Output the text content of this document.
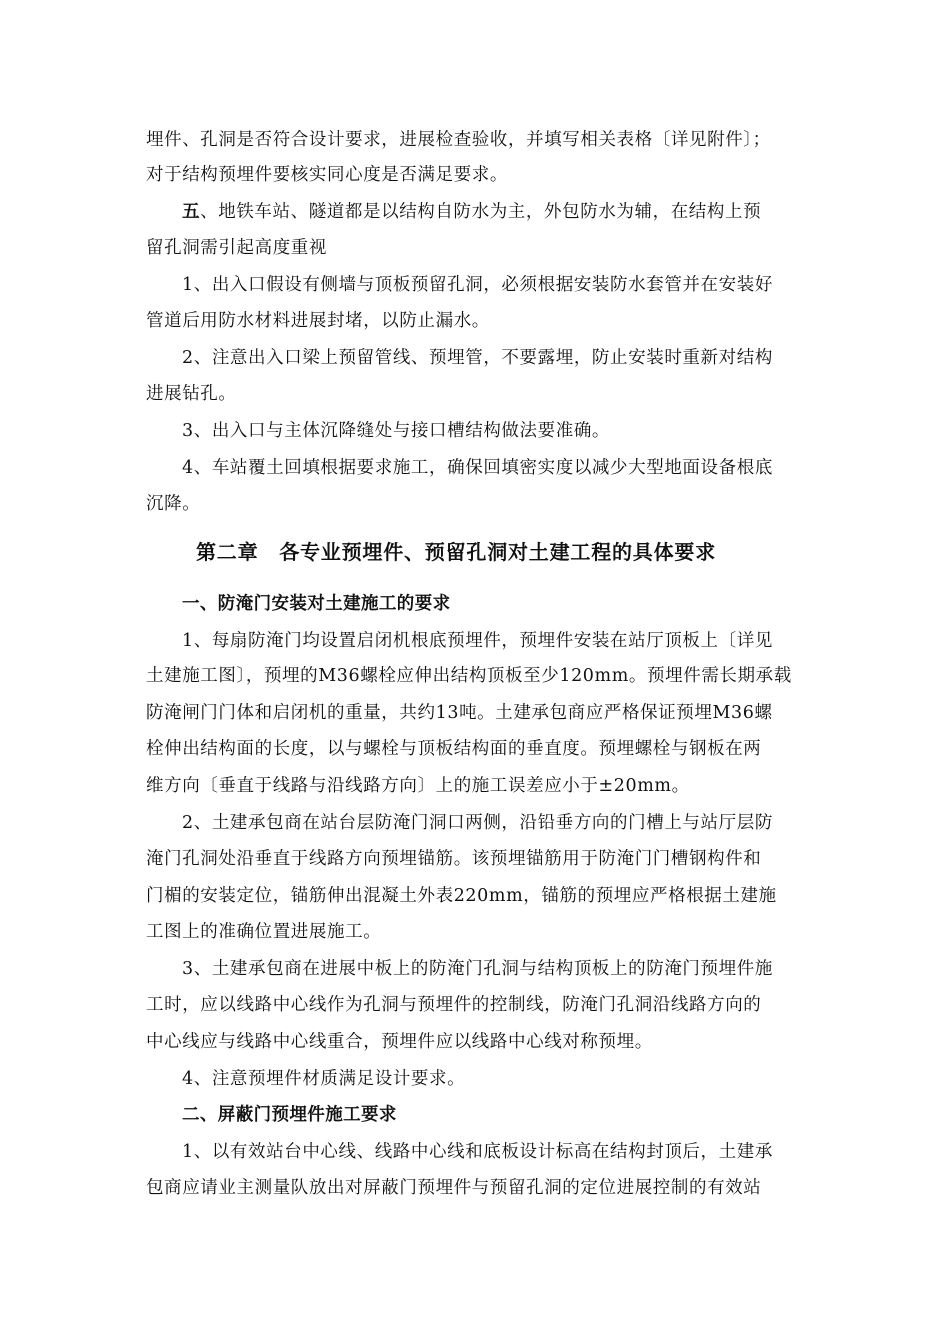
埋件、孔洞是否符合设计要求，进展检查验收，并填写相关表格〔详见附件〕；
对于结构预埋件要核实同心度是否满足要求。
五、地铁车站、隧道都是以结构自防水为主，外包防水为辅，在结构上预
留孔洞需引起高度重视
1、出入口假设有侧墙与顶板预留孔洞，必须根据安装防水套管并在安装好
管道后用防水材料进展封堵，以防止漏水。
2、注意出入口梁上预留管线、预埋管，不要露埋，防止安装时重新对结构
进展钻孔。
3、出入口与主体沉降缝处与接口槽结构做法要准确。
4、车站覆土回填根据要求施工，确保回填密实度以减少大型地面设备根底
沉降。
第二章　各专业预埋件、预留孔洞对土建工程的具体要求
一、防淹门安装对土建施工的要求
1、每扇防淹门均设置启闭机根底预埋件，预埋件安装在站厅顶板上〔详见
土建施工图〕，预埋的M36螺栓应伸出结构顶板至少120mm。预埋件需长期承载
防淹闸门门体和启闭机的重量，共约13吨。土建承包商应严格保证预埋M36螺
栓伸出结构面的长度，以与螺栓与顶板结构面的垂直度。预埋螺栓与钢板在两
维方向〔垂直于线路与沿线路方向〕上的施工误差应小于±20mm。
2、土建承包商在站台层防淹门洞口两侧，沿铅垂方向的门槽上与站厅层防
淹门孔洞处沿垂直于线路方向预埋锚筋。该预埋锚筋用于防淹门门槽钢构件和
门楣的安装定位，锚筋伸出混凝土外表220mm，锚筋的预埋应严格根据土建施
工图上的准确位置进展施工。
3、土建承包商在进展中板上的防淹门孔洞与结构顶板上的防淹门预埋件施
工时，应以线路中心线作为孔洞与预埋件的控制线，防淹门孔洞沿线路方向的
中心线应与线路中心线重合，预埋件应以线路中心线对称预埋。
4、注意预埋件材质满足设计要求。
二、屏蔽门预埋件施工要求
1、以有效站台中心线、线路中心线和底板设计标高在结构封顶后，土建承
包商应请业主测量队放出对屏蔽门预埋件与预留孔洞的定位进展控制的有效站
